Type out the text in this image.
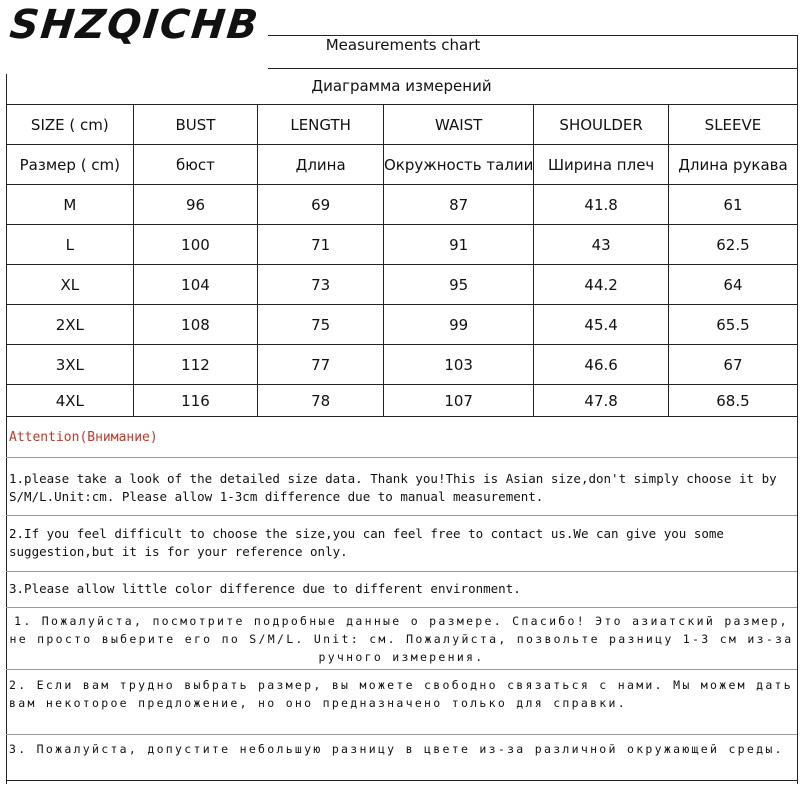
SHZQICHB	Measurements chart
Диаграмма измерений
SIZE ( cm)	BUST	LENGTH	WAIST	SHOULDER	SLEEVE
Размер ( cm)	бюст	Длина	Окружность талии	Ширина плеч	Длина рукава
M	96	69	87	41.8	61
L	100	71	91	43	62.5
XL	104	73	95	44.2	64
2XL	108	75	99	45.4	65.5
3XL	112	77	103	46.6	67
4XL	116	78	107	47.8	68.5
Attention(Внимание)
1.please take a look of the detailed size data. Thank you!This is Asian size,don't simply choose it by S/M/L.Unit:cm. Please allow 1-3cm difference due to manual measurement.
2.If you feel difficult to choose the size,you can feel free to contact us.We can give you some suggestion,but it is for your reference only.
3.Please allow little color difference due to different environment.
1. Пожалуйста, посмотрите подробные данные о размере. Спасибо! Это азиатский размер, не просто выберите его по S/M/L. Unit: см. Пожалуйста, позвольте разницу 1-3 см из-за ручного измерения.
2. Если вам трудно выбрать размер, вы можете свободно связаться с нами. Мы можем дать вам некоторое предложение, но оно предназначено только для справки.
3. Пожалуйста, допустите небольшую разницу в цвете из-за различной окружающей среды.
